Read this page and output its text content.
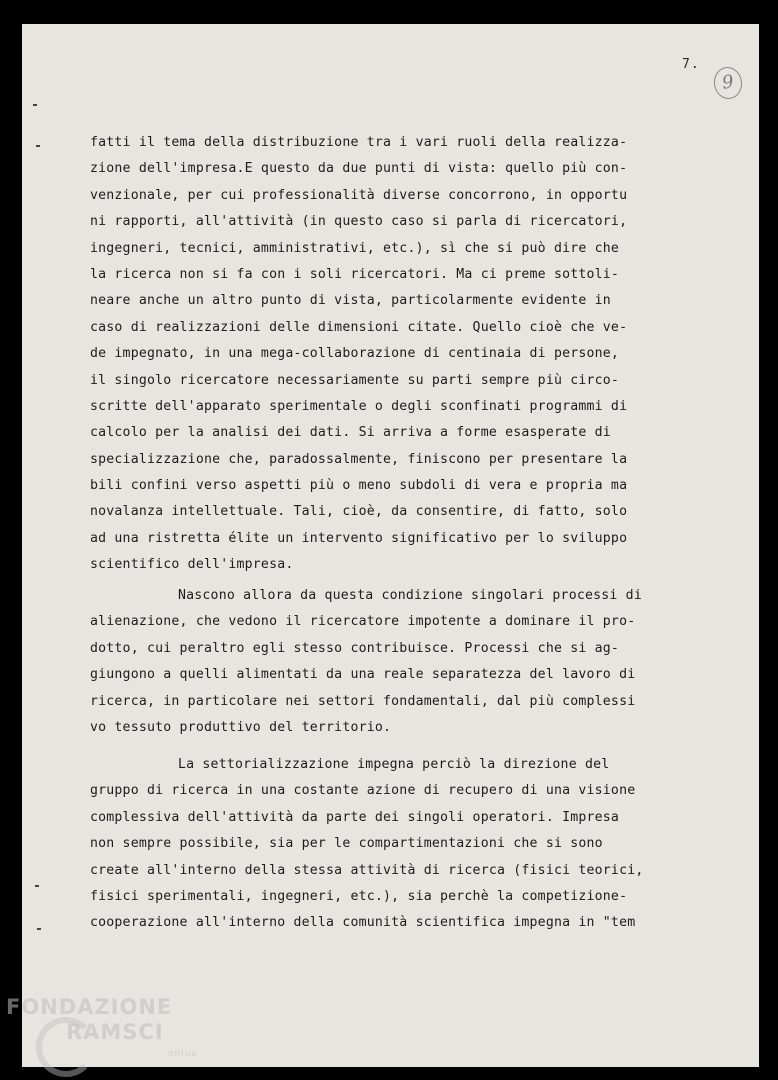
7.
9
fatti il tema della distribuzione tra i vari ruoli della realizza-
zione dell'impresa.E questo da due punti di vista: quello più con-
venzionale, per cui professionalità diverse concorrono, in opportu
ni rapporti, all'attività (in questo caso si parla di ricercatori,
ingegneri, tecnici, amministrativi, etc.), sì che si può dire che
la ricerca non si fa con i soli ricercatori. Ma ci preme sottoli-
neare anche un altro punto di vista, particolarmente evidente in
caso di realizzazioni delle dimensioni citate. Quello cioè che ve-
de impegnato, in una mega-collaborazione di centinaia di persone,
il singolo ricercatore necessariamente su parti sempre più circo-
scritte dell'apparato sperimentale o degli sconfinati programmi di
calcolo per la analisi dei dati. Si arriva a forme esasperate di
specializzazione che, paradossalmente, finiscono per presentare la
bili confini verso aspetti più o meno subdoli di vera e propria ma
novalanza intellettuale. Tali, cioè, da consentire, di fatto, solo
ad una ristretta élite un intervento significativo per lo sviluppo
scientifico dell'impresa.
Nascono allora da questa condizione singolari processi di
alienazione, che vedono il ricercatore impotente a dominare il pro-
dotto, cui peraltro egli stesso contribuisce. Processi che si ag-
giungono a quelli alimentati da una reale separatezza del lavoro di
ricerca, in particolare nei settori fondamentali, dal più complessi
vo tessuto produttivo del territorio.
La settorializzazione impegna perciò la direzione del
gruppo di ricerca in una costante azione di recupero di una visione
complessiva dell'attività da parte dei singoli operatori. Impresa
non sempre possibile, sia per le compartimentazioni che si sono
create all'interno della stessa attività di ricerca (fisici teorici,
fisici sperimentali, ingegneri, etc.), sia perchè la competizione-
cooperazione all'interno della comunità scientifica impegna in "tem
FONDAZIONE
RAMSCI
onlus
